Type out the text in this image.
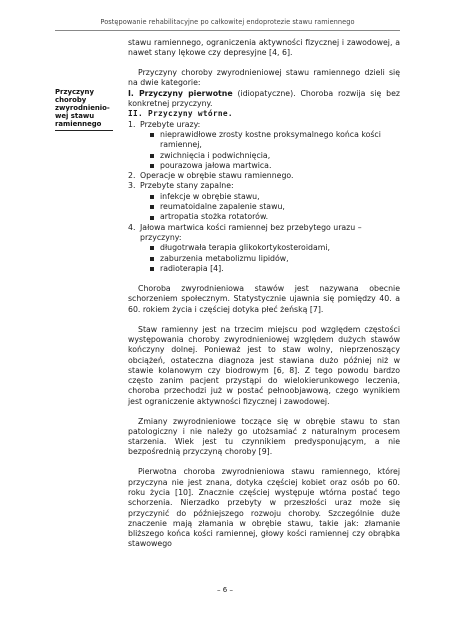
Postępowanie rehabilitacyjne po całkowitej endoprotezie stawu ramiennego
Przyczyny choroby zwyrodnienio-wej stawu ramiennego

stawu ramiennego, ograniczenia aktywności fizycznej i zawodowej, a nawet stany lękowe czy depresyjne [4, 6].

Przyczyny choroby zwyrodnieniowej stawu ramiennego dzieli się na dwie kategorie:

I. Przyczyny pierwotne (idiopatyczne). Choroba rozwija się bez konkretnej przyczyny.
II. Przyczyny wtórne.
1. Przebyte urazy:
nieprawidłowe zrosty kostne proksymalnego końca kości ramiennej,
zwichnięcia i podwichnięcia,
pourazowa jałowa martwica.
2. Operacje w obrębie stawu ramiennego.
3. Przebyte stany zapalne:
infekcje w obrębie stawu,
reumatoidalne zapalenie stawu,
artropatia stożka rotatorów.
4. Jałowa martwica kości ramiennej bez przebytego urazu – przyczyny:
długotrwała terapia glikokortykosteroidami,
zaburzenia metabolizmu lipidów,
radioterapia [4].

Choroba zwyrodnieniowa stawów jest nazywana obecnie schorzeniem społecznym. Statystycznie ujawnia się pomiędzy 40. a 60. rokiem życia i częściej dotyka płeć żeńską [7].

Staw ramienny jest na trzecim miejscu pod względem częstości występowania choroby zwyrodnieniowej względem dużych stawów kończyny dolnej. Ponieważ jest to staw wolny, nieprzenoszący obciążeń, ostateczna diagnoza jest stawiana dużo później niż w stawie kolanowym czy biodrowym [6, 8]. Z tego powodu bardzo często zanim pacjent przystąpi do wielokierunkowego leczenia, choroba przechodzi już w postać pełnoobjawową, czego wynikiem jest ograniczenie aktywności fizycznej i zawodowej.

Zmiany zwyrodnieniowe toczące się w obrębie stawu to stan patologiczny i nie należy go utożsamiać z naturalnym procesem starzenia. Wiek jest tu czynnikiem predysponującym, a nie bezpośrednią przyczyną choroby [9].

Pierwotna choroba zwyrodnieniowa stawu ramiennego, której przyczyna nie jest znana, dotyka częściej kobiet oraz osób po 60. roku życia [10]. Znacznie częściej występuje wtórna postać tego schorzenia. Nierzadko przebyty w przeszłości uraz może się przyczynić do późniejszego rozwoju choroby. Szczególnie duże znaczenie mają złamania w obrębie stawu, takie jak: złamanie bliższego końca kości ramiennej, głowy kości ramiennej czy obrąbka stawowego

– 6 –
